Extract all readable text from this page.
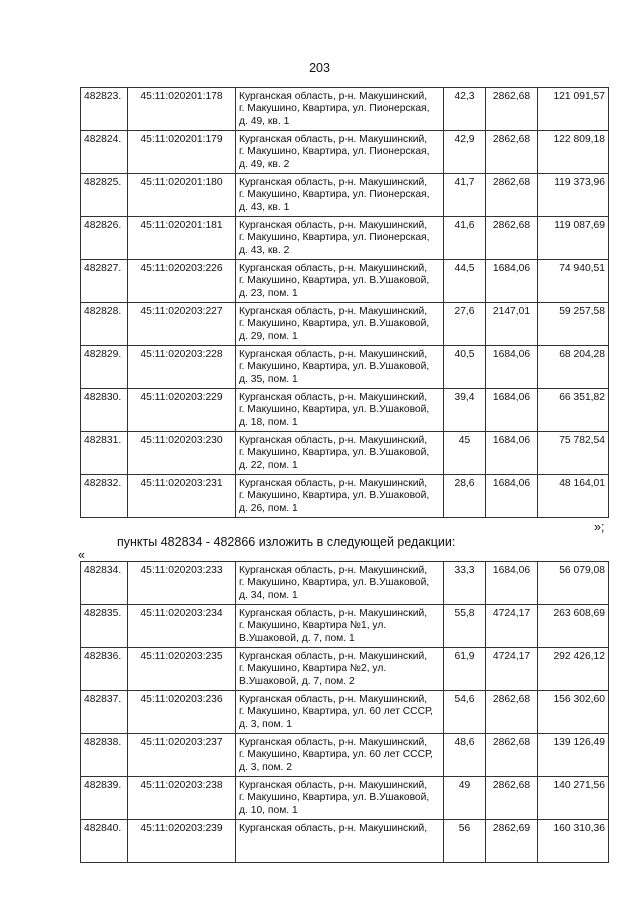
203
482823.	45:11:020201:178	Курганская область, р-н. Макушинский,
г. Макушино, Квартира, ул. Пионерская,
д. 49, кв. 1	42,3	2862,68	121 091,57
482824.	45:11:020201:179	Курганская область, р-н. Макушинский,
г. Макушино, Квартира, ул. Пионерская,
д. 49, кв. 2	42,9	2862,68	122 809,18
482825.	45:11:020201:180	Курганская область, р-н. Макушинский,
г. Макушино, Квартира, ул. Пионерская,
д. 43, кв. 1	41,7	2862,68	119 373,96
482826.	45:11:020201:181	Курганская область, р-н. Макушинский,
г. Макушино, Квартира, ул. Пионерская,
д. 43, кв. 2	41,6	2862,68	119 087,69
482827.	45:11:020203:226	Курганская область, р-н. Макушинский,
г. Макушино, Квартира, ул. В.Ушаковой,
д. 23, пом. 1	44,5	1684,06	74 940,51
482828.	45:11:020203:227	Курганская область, р-н. Макушинский,
г. Макушино, Квартира, ул. В.Ушаковой,
д. 29, пом. 1	27,6	2147,01	59 257,58
482829.	45:11:020203:228	Курганская область, р-н. Макушинский,
г. Макушино, Квартира, ул. В.Ушаковой,
д. 35, пом. 1	40,5	1684,06	68 204,28
482830.	45:11:020203:229	Курганская область, р-н. Макушинский,
г. Макушино, Квартира, ул. В.Ушаковой,
д. 18, пом. 1	39,4	1684,06	66 351,82
482831.	45:11:020203:230	Курганская область, р-н. Макушинский,
г. Макушино, Квартира, ул. В.Ушаковой,
д. 22, пом. 1	45	1684,06	75 782,54
482832.	45:11:020203:231	Курганская область, р-н. Макушинский,
г. Макушино, Квартира, ул. В.Ушаковой,
д. 26, пом. 1	28,6	1684,06	48 164,01
»;
пункты 482834 - 482866 изложить в следующей редакции:
«
482834.	45:11:020203:233	Курганская область, р-н. Макушинский,
г. Макушино, Квартира, ул. В.Ушаковой,
д. 34, пом. 1	33,3	1684,06	56 079,08
482835.	45:11:020203:234	Курганская область, р-н. Макушинский,
г. Макушино, Квартира №1, ул.
В.Ушаковой, д. 7, пом. 1	55,8	4724,17	263 608,69
482836.	45:11:020203:235	Курганская область, р-н. Макушинский,
г. Макушино, Квартира №2, ул.
В.Ушаковой, д. 7, пом. 2	61,9	4724,17	292 426,12
482837.	45:11:020203:236	Курганская область, р-н. Макушинский,
г. Макушино, Квартира, ул. 60 лет СССР,
д. 3, пом. 1	54,6	2862,68	156 302,60
482838.	45:11:020203:237	Курганская область, р-н. Макушинский,
г. Макушино, Квартира, ул. 60 лет СССР,
д. 3, пом. 2	48,6	2862,68	139 126,49
482839.	45:11:020203:238	Курганская область, р-н. Макушинский,
г. Макушино, Квартира, ул. В.Ушаковой,
д. 10, пом. 1	49	2862,68	140 271,56
482840.	45:11:020203:239	Курганская область, р-н. Макушинский,	56	2862,69	160 310,36
